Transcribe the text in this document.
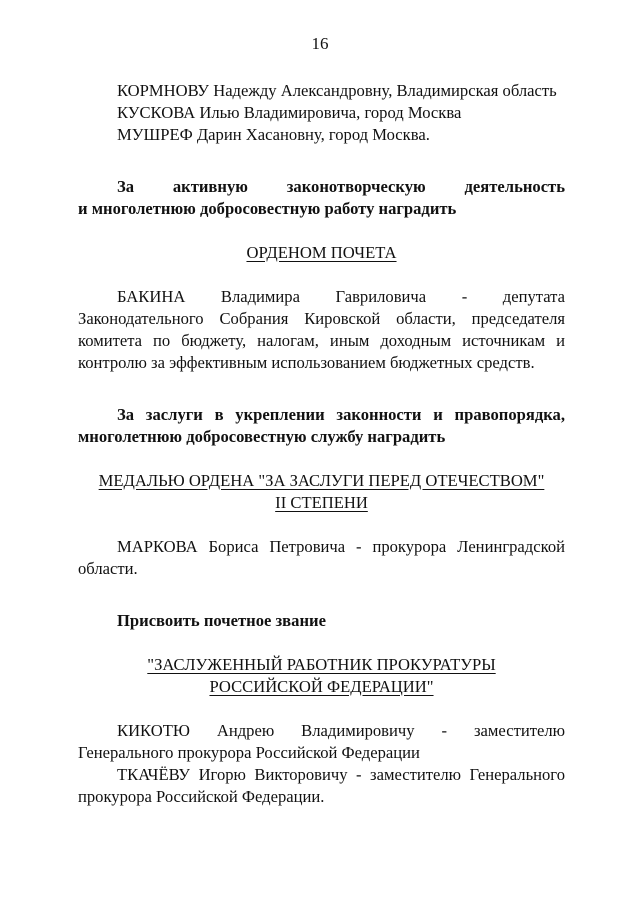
16
КОРМНОВУ Надежду Александровну, Владимирская область
КУСКОВА Илью Владимировича, город Москва
МУШРЕФ Дарин Хасановну, город Москва.
За активную законотворческую деятельность
и многолетнюю добросовестную работу наградить
ОРДЕНОМ ПОЧЕТА
БАКИНА Владимира Гавриловича - депутата Законодательного Собрания Кировской области, председателя комитета по бюджету, налогам, иным доходным источникам и контролю за эффективным использованием бюджетных средств.
За заслуги в укреплении законности и правопорядка,
многолетнюю добросовестную службу наградить
МЕДАЛЬЮ ОРДЕНА "ЗА ЗАСЛУГИ ПЕРЕД ОТЕЧЕСТВОМ"
II СТЕПЕНИ
МАРКОВА Бориса Петровича - прокурора Ленинградской области.
Присвоить почетное звание
"ЗАСЛУЖЕННЫЙ РАБОТНИК ПРОКУРАТУРЫ
РОССИЙСКОЙ ФЕДЕРАЦИИ"
КИКОТЮ Андрею Владимировичу - заместителю Генерального прокурора Российской Федерации
ТКАЧЁВУ Игорю Викторовичу - заместителю Генерального прокурора Российской Федерации.
